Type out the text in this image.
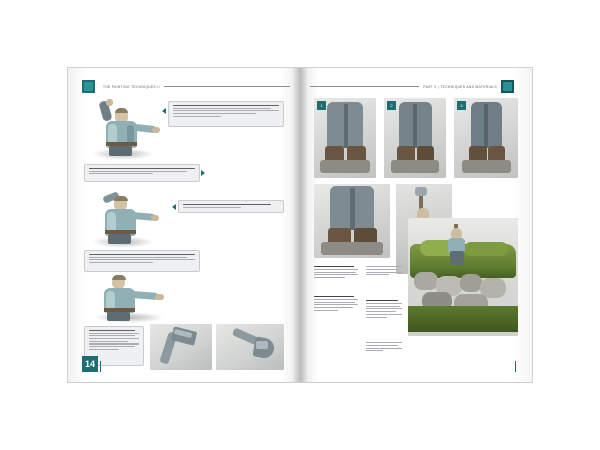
THE PAINTING TECHNIQUES II
14
PART 2 | TECHNIQUES AND MATERIALS
1	2	3
